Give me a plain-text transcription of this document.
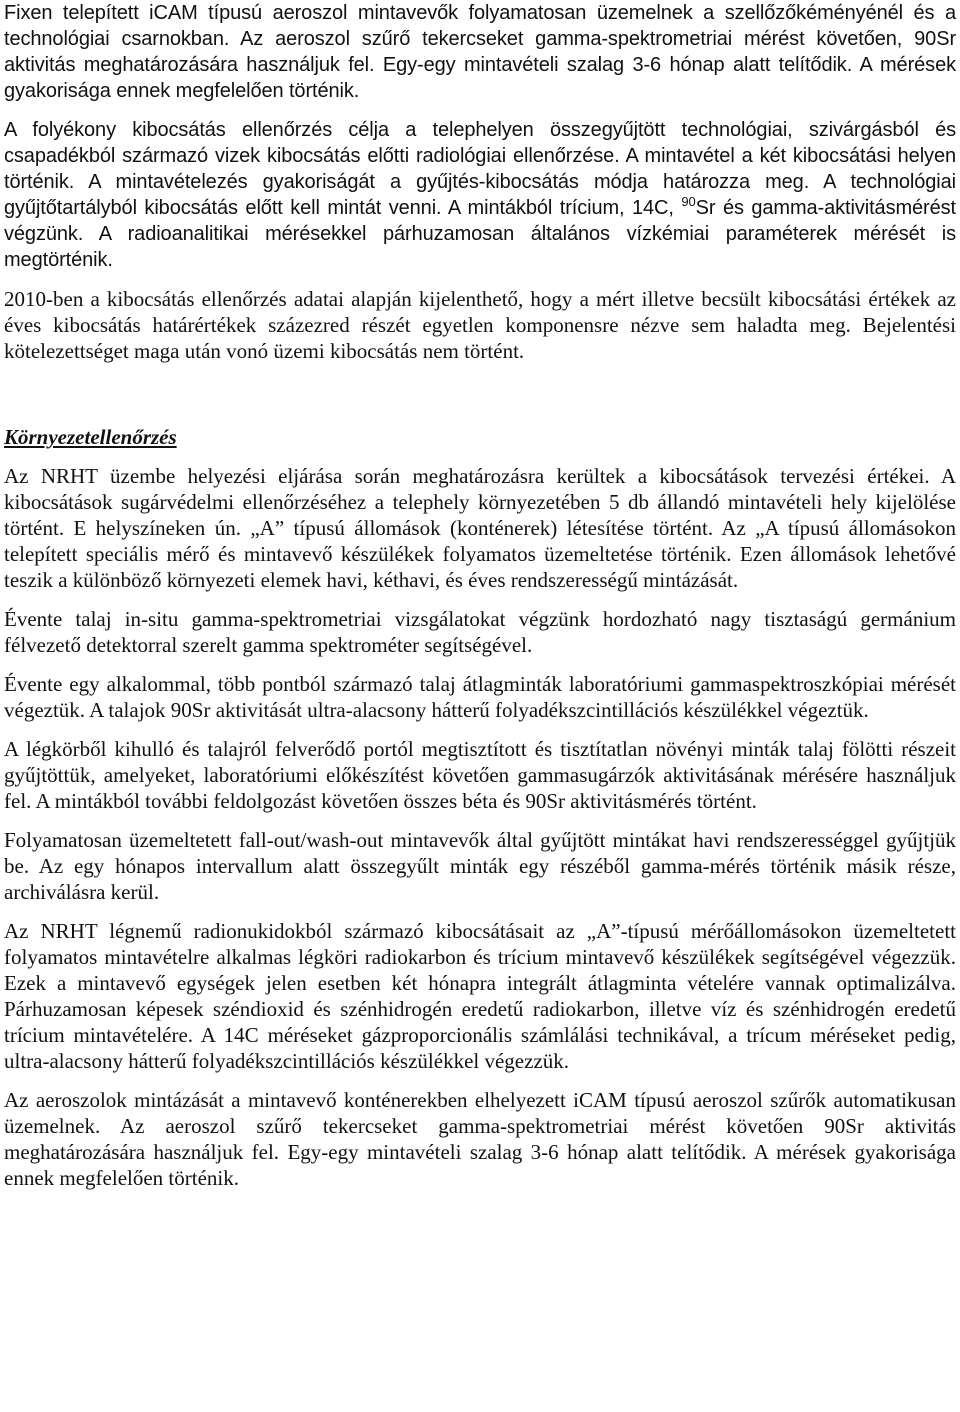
Fixen telepített iCAM típusú aeroszol mintavevők folyamatosan üzemelnek a szellőzőkéményénél és a technológiai csarnokban. Az aeroszol szűrő tekercseket gamma-spektrometriai mérést követően, 90Sr aktivitás meghatározására használjuk fel. Egy-egy mintavételi szalag 3-6 hónap alatt telítődik. A mérések gyakorisága ennek megfelelően történik.

A folyékony kibocsátás ellenőrzés célja a telephelyen összegyűjtött technológiai, szivárgásból és csapadékból származó vizek kibocsátás előtti radiológiai ellenőrzése. A mintavétel a két kibocsátási helyen történik. A mintavételezés gyakoriságát a gyűjtés-kibocsátás módja határozza meg. A technológiai gyűjtőtartályból kibocsátás előtt kell mintát venni. A mintákból trícium, 14C, $^{90}$Sr és gamma-aktivitásmérést végzünk. A radioanalitikai mérésekkel párhuzamosan általános vízkémiai paraméterek mérését is megtörténik.

2010-ben a kibocsátás ellenőrzés adatai alapján kijelenthető, hogy a mért illetve becsült kibocsátási értékek az éves kibocsátás határértékek százezred részét egyetlen komponensre nézve sem haladta meg. Bejelentési kötelezettséget maga után vonó üzemi kibocsátás nem történt.

Környezetellenőrzés

Az NRHT üzembe helyezési eljárása során meghatározásra kerültek a kibocsátások tervezési értékei. A kibocsátások sugárvédelmi ellenőrzéséhez a telephely környezetében 5 db állandó mintavételi hely kijelölése történt. E helyszíneken ún. „A” típusú állomások (konténerek) létesítése történt. Az „A típusú állomásokon telepített speciális mérő és mintavevő készülékek folyamatos üzemeltetése történik. Ezen állomások lehetővé teszik a különböző környezeti elemek havi, kéthavi, és éves rendszerességű mintázását.

Évente talaj in-situ gamma-spektrometriai vizsgálatokat végzünk hordozható nagy tisztaságú germánium félvezető detektorral szerelt gamma spektrométer segítségével.

Évente egy alkalommal, több pontból származó talaj átlagminták laboratóriumi gammaspektroszkópiai mérését végeztük. A talajok 90Sr aktivitását ultra-alacsony hátterű folyadékszcintillációs készülékkel végeztük.

A légkörből kihulló és talajról felverődő portól megtisztított és tisztítatlan növényi minták talaj fölötti részeit gyűjtöttük, amelyeket, laboratóriumi előkészítést követően gammasugárzók aktivitásának mérésére használjuk fel. A mintákból további feldolgozást követően összes béta és 90Sr aktivitásmérés történt.

Folyamatosan üzemeltetett fall-out/wash-out mintavevők által gyűjtött mintákat havi rendszerességgel gyűjtjük be. Az egy hónapos intervallum alatt összegyűlt minták egy részéből gamma-mérés történik másik része, archiválásra kerül.

Az NRHT légnemű radionukidokból származó kibocsátásait az „A”-típusú mérőállomásokon üzemeltetett folyamatos mintavételre alkalmas légköri radiokarbon és trícium mintavevő készülékek segítségével végezzük. Ezek a mintavevő egységek jelen esetben két hónapra integrált átlagminta vételére vannak optimalizálva. Párhuzamosan képesek széndioxid és szénhidrogén eredetű radiokarbon, illetve víz és szénhidrogén eredetű trícium mintavételére. A 14C méréseket gázproporcionális számlálási technikával, a trícum méréseket pedig, ultra-alacsony hátterű folyadékszcintillációs készülékkel végezzük.

Az aeroszolok mintázását a mintavevő konténerekben elhelyezett iCAM típusú aeroszol szűrők automatikusan üzemelnek. Az aeroszol szűrő tekercseket gamma-spektrometriai mérést követően 90Sr aktivitás meghatározására használjuk fel. Egy-egy mintavételi szalag 3-6 hónap alatt telítődik. A mérések gyakorisága ennek megfelelően történik.
